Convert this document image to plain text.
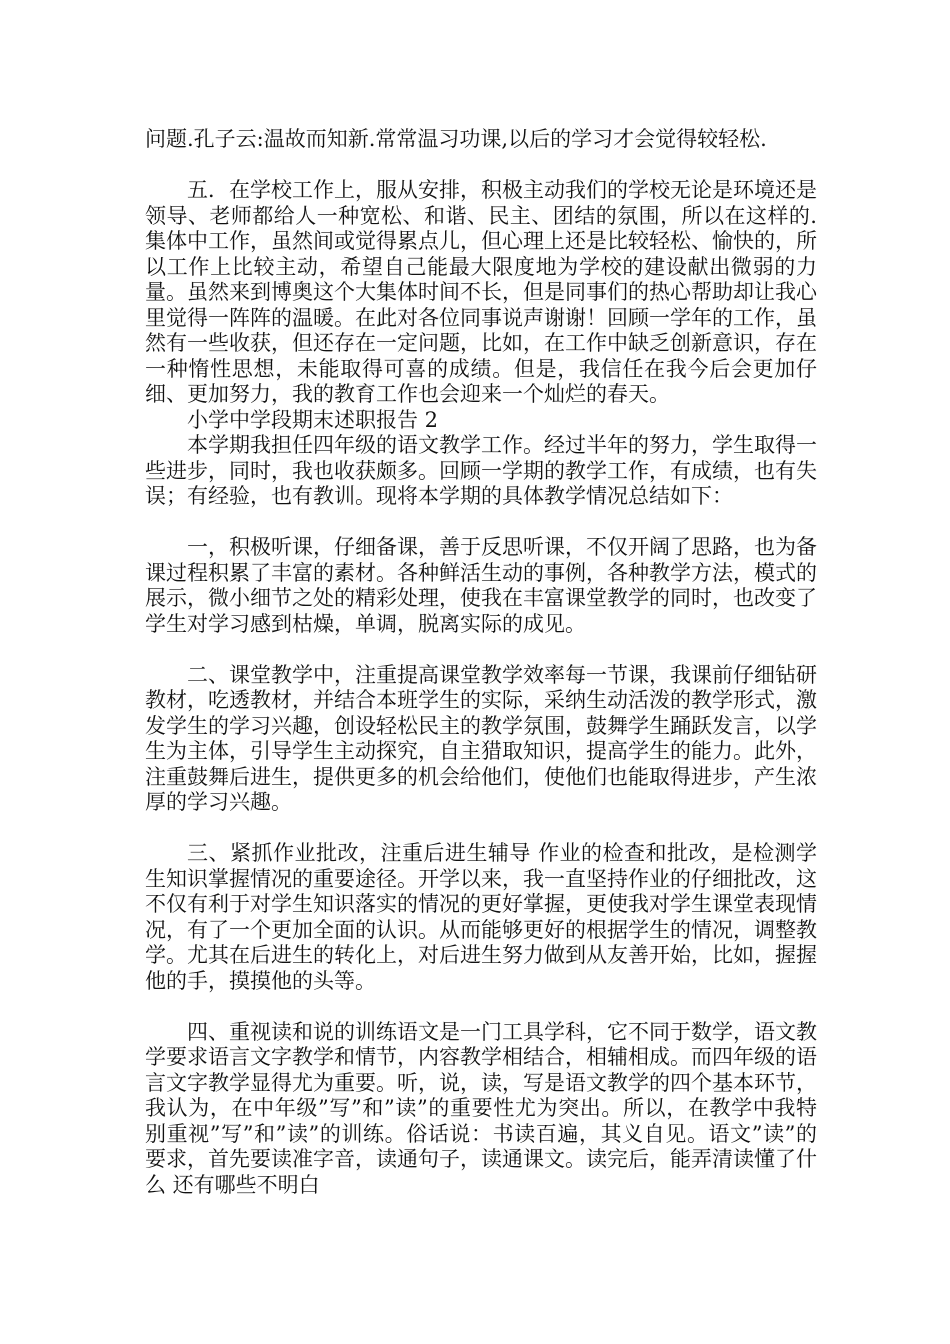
问题.孔子云:温故而知新.常常温习功课,以后的学习才会觉得较轻松.

五．在学校工作上，服从安排，积极主动我们的学校无论是环境还是领导、老师都给人一种宽松、和谐、民主、团结的氛围，所以在这样的.集体中工作，虽然间或觉得累点儿，但心理上还是比较轻松、愉快的，所以工作上比较主动，希望自己能最大限度地为学校的建设献出微弱的力量。虽然来到博奥这个大集体时间不长，但是同事们的热心帮助却让我心里觉得一阵阵的温暖。在此对各位同事说声谢谢！回顾一学年的工作，虽然有一些收获，但还存在一定问题，比如，在工作中缺乏创新意识，存在一种惰性思想，未能取得可喜的成绩。但是，我信任在我今后会更加仔细、更加努力，我的教育工作也会迎来一个灿烂的春天。

小学中学段期末述职报告 2

本学期我担任四年级的语文教学工作。经过半年的努力，学生取得一些进步，同时，我也收获颇多。回顾一学期的教学工作，有成绩，也有失误；有经验，也有教训。现将本学期的具体教学情况总结如下：

一，积极听课，仔细备课，善于反思听课，不仅开阔了思路，也为备课过程积累了丰富的素材。各种鲜活生动的事例，各种教学方法，模式的展示，微小细节之处的精彩处理，使我在丰富课堂教学的同时，也改变了学生对学习感到枯燥，单调，脱离实际的成见。

二、课堂教学中，注重提高课堂教学效率每一节课，我课前仔细钻研教材，吃透教材，并结合本班学生的实际，采纳生动活泼的教学形式，激发学生的学习兴趣，创设轻松民主的教学氛围，鼓舞学生踊跃发言，以学生为主体，引导学生主动探究，自主猎取知识，提高学生的能力。此外，注重鼓舞后进生，提供更多的机会给他们，使他们也能取得进步，产生浓厚的学习兴趣。

三、紧抓作业批改，注重后进生辅导 作业的检查和批改，是检测学生知识掌握情况的重要途径。开学以来，我一直坚持作业的仔细批改，这不仅有利于对学生知识落实的情况的更好掌握，更使我对学生课堂表现情况，有了一个更加全面的认识。从而能够更好的根据学生的情况，调整教学。尤其在后进生的转化上，对后进生努力做到从友善开始，比如，握握他的手，摸摸他的头等。

四、重视读和说的训练语文是一门工具学科，它不同于数学，语文教学要求语言文字教学和情节，内容教学相结合，相辅相成。而四年级的语言文字教学显得尤为重要。听，说，读，写是语文教学的四个基本环节，我认为，在中年级”写”和”读”的重要性尤为突出。所以，在教学中我特别重视”写”和”读”的训练。俗话说：书读百遍，其义自见。语文”读”的要求，首先要读准字音，读通句子，读通课文。读完后，能弄清读懂了什么 还有哪些不明白
